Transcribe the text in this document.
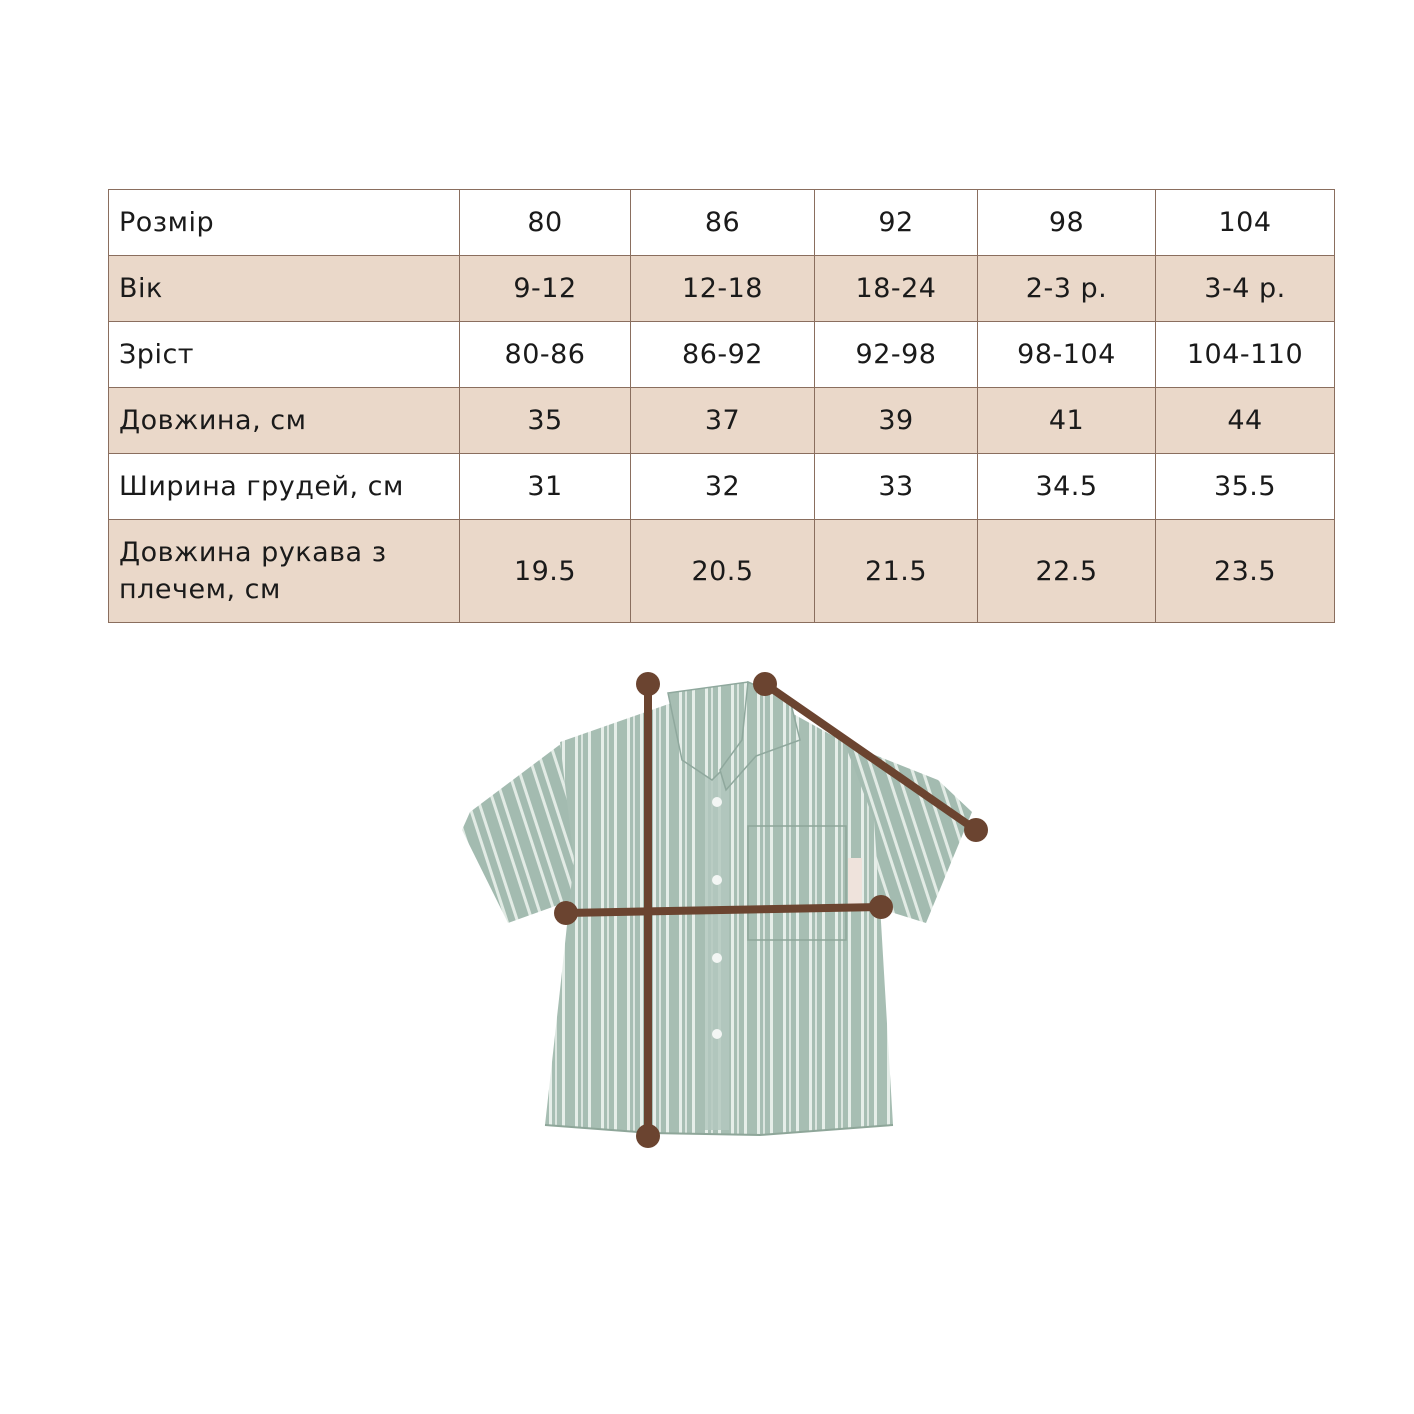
Розмір	80	86	92	98	104
Вік	9-12	12-18	18-24	2-3 р.	3-4 р.
Зріст	80-86	86-92	92-98	98-104	104-110
Довжина, см	35	37	39	41	44
Ширина грудей, см	31	32	33	34.5	35.5
Довжина рукава з плечем, см	19.5	20.5	21.5	22.5	23.5
